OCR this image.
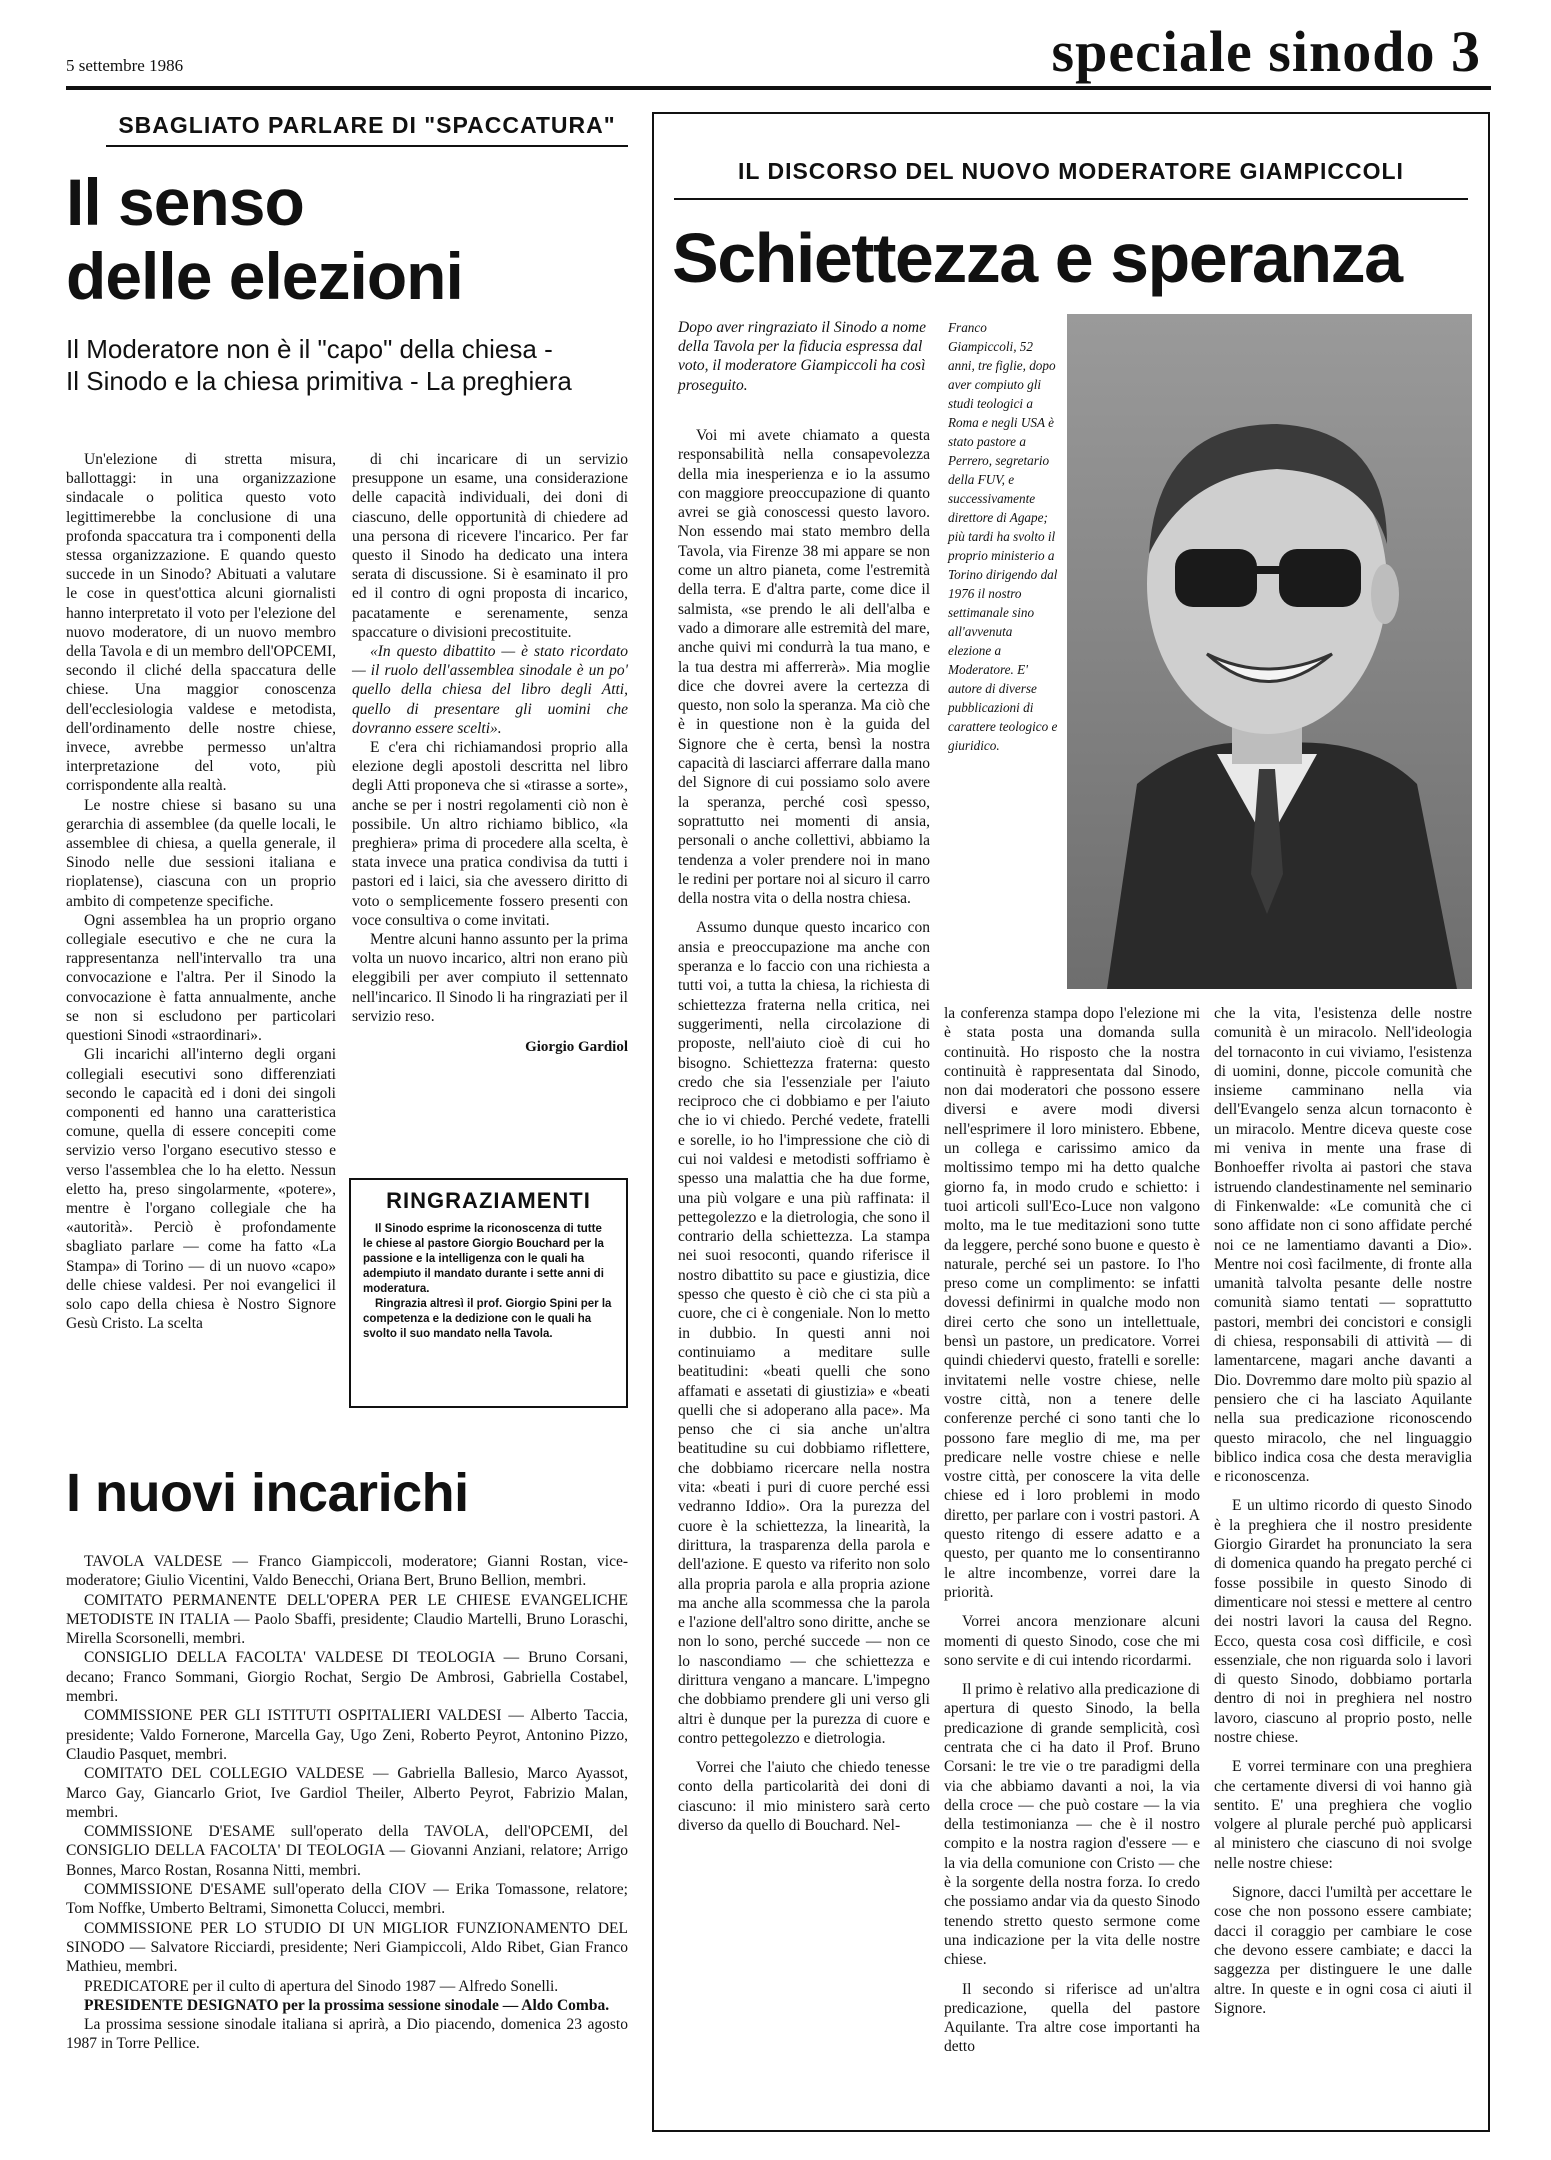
5 settembre 1986	speciale sinodo 3
SBAGLIATO PARLARE DI "SPACCATURA"
Il senso
delle elezioni
Il Moderatore non è il "capo" della chiesa -
Il Sinodo e la chiesa primitiva - La preghiera

Un'elezione di stretta misura, ballottaggi: in una organizzazione sindacale o politica questo voto legittimerebbe la conclusione di una profonda spaccatura tra i componenti della stessa organizzazione. E quando questo succede in un Sinodo? Abituati a valutare le cose in quest'ottica alcuni giornalisti hanno interpretato il voto per l'elezione del nuovo moderatore, di un nuovo membro della Tavola e di un membro dell'OPCEMI, secondo il cliché della spaccatura delle chiese. Una maggior conoscenza dell'ecclesiologia valdese e metodista, dell'ordinamento delle nostre chiese, invece, avrebbe permesso un'altra interpretazione del voto, più corrispondente alla realtà.

Le nostre chiese si basano su una gerarchia di assemblee (da quelle locali, le assemblee di chiesa, a quella generale, il Sinodo nelle due sessioni italiana e rioplatense), ciascuna con un proprio ambito di competenze specifiche.

Ogni assemblea ha un proprio organo collegiale esecutivo e che ne cura la rappresentanza nell'intervallo tra una convocazione e l'altra. Per il Sinodo la convocazione è fatta annualmente, anche se non si escludono per particolari questioni Sinodi «straordinari».

Gli incarichi all'interno degli organi collegiali esecutivi sono differenziati secondo le capacità ed i doni dei singoli componenti ed hanno una caratteristica comune, quella di essere concepiti come servizio verso l'organo esecutivo stesso e verso l'assemblea che lo ha eletto. Nessun eletto ha, preso singolarmente, «potere», mentre è l'organo collegiale che ha «autorità». Perciò è profondamente sbagliato parlare — come ha fatto «La Stampa» di Torino — di un nuovo «capo» delle chiese valdesi. Per noi evangelici il solo capo della chiesa è Nostro Signore Gesù Cristo. La scelta

di chi incaricare di un servizio presuppone un esame, una considerazione delle capacità individuali, dei doni di ciascuno, delle opportunità di chiedere ad una persona di ricevere l'incarico. Per far questo il Sinodo ha dedicato una intera serata di discussione. Si è esaminato il pro ed il contro di ogni proposta di incarico, pacatamente e serenamente, senza spaccature o divisioni precostituite.

«In questo dibattito — è stato ricordato — il ruolo dell'assemblea sinodale è un po' quello della chiesa del libro degli Atti, quello di presentare gli uomini che dovranno essere scelti».

E c'era chi richiamandosi proprio alla elezione degli apostoli descritta nel libro degli Atti proponeva che si «tirasse a sorte», anche se per i nostri regolamenti ciò non è possibile. Un altro richiamo biblico, «la preghiera» prima di procedere alla scelta, è stata invece una pratica condivisa da tutti i pastori ed i laici, sia che avessero diritto di voto o semplicemente fossero presenti con voce consultiva o come invitati.

Mentre alcuni hanno assunto per la prima volta un nuovo incarico, altri non erano più eleggibili per aver compiuto il settennato nell'incarico. Il Sinodo li ha ringraziati per il servizio reso.

Giorgio Gardiol
RINGRAZIAMENTI

Il Sinodo esprime la riconoscenza di tutte le chiese al pastore Giorgio Bouchard per la passione e la intelligenza con le quali ha adempiuto il mandato durante i sette anni di moderatura.

Ringrazia altresì il prof. Giorgio Spini per la competenza e la dedizione con le quali ha svolto il suo mandato nella Tavola.

I nuovi incarichi

TAVOLA VALDESE — Franco Giampiccoli, moderatore; Gianni Rostan, vice-moderatore; Giulio Vicentini, Valdo Benecchi, Oriana Bert, Bruno Bellion, membri.

COMITATO PERMANENTE DELL'OPERA PER LE CHIESE EVANGELICHE METODISTE IN ITALIA — Paolo Sbaffi, presidente; Claudio Martelli, Bruno Loraschi, Mirella Scorsonelli, membri.

CONSIGLIO DELLA FACOLTA' VALDESE DI TEOLOGIA — Bruno Corsani, decano; Franco Sommani, Giorgio Rochat, Sergio De Ambrosi, Gabriella Costabel, membri.

COMMISSIONE PER GLI ISTITUTI OSPITALIERI VALDESI — Alberto Taccia, presidente; Valdo Fornerone, Marcella Gay, Ugo Zeni, Roberto Peyrot, Antonino Pizzo, Claudio Pasquet, membri.

COMITATO DEL COLLEGIO VALDESE — Gabriella Ballesio, Marco Ayassot, Marco Gay, Giancarlo Griot, Ive Gardiol Theiler, Alberto Peyrot, Fabrizio Malan, membri.

COMMISSIONE D'ESAME sull'operato della TAVOLA, dell'OPCEMI, del CONSIGLIO DELLA FACOLTA' DI TEOLOGIA — Giovanni Anziani, relatore; Arrigo Bonnes, Marco Rostan, Rosanna Nitti, membri.

COMMISSIONE D'ESAME sull'operato della CIOV — Erika Tomassone, relatore; Tom Noffke, Umberto Beltrami, Simonetta Colucci, membri.

COMMISSIONE PER LO STUDIO DI UN MIGLIOR FUNZIONAMENTO DEL SINODO — Salvatore Ricciardi, presidente; Neri Giampiccoli, Aldo Ribet, Gian Franco Mathieu, membri.

PREDICATORE per il culto di apertura del Sinodo 1987 — Alfredo Sonelli.

PRESIDENTE DESIGNATO per la prossima sessione sinodale — Aldo Comba.

La prossima sessione sinodale italiana si aprirà, a Dio piacendo, domenica 23 agosto 1987 in Torre Pellice.

IL DISCORSO DEL NUOVO MODERATORE GIAMPICCOLI
Schiettezza e speranza
Dopo aver ringraziato il Sinodo a nome della Tavola per la fiducia espressa dal voto, il moderatore Giampiccoli ha così proseguito.
Franco Giampiccoli, 52 anni, tre figlie, dopo aver compiuto gli studi teologici a Roma e negli USA è stato pastore a Perrero, segretario della FUV, e successivamente direttore di Agape; più tardi ha svolto il proprio ministerio a Torino dirigendo dal 1976 il nostro settimanale sino all'avvenuta elezione a Moderatore. E' autore di diverse pubblicazioni di carattere teologico e giuridico.

Voi mi avete chiamato a questa responsabilità nella consapevolezza della mia inesperienza e io la assumo con maggiore preoccupazione di quanto avrei se già conoscessi questo lavoro. Non essendo mai stato membro della Tavola, via Firenze 38 mi appare se non come un altro pianeta, come l'estremità della terra. E d'altra parte, come dice il salmista, «se prendo le ali dell'alba e vado a dimorare alle estremità del mare, anche quivi mi condurrà la tua mano, e la tua destra mi afferrerà». Mia moglie dice che dovrei avere la certezza di questo, non solo la speranza. Ma ciò che è in questione non è la guida del Signore che è certa, bensì la nostra capacità di lasciarci afferrare dalla mano del Signore di cui possiamo solo avere la speranza, perché così spesso, soprattutto nei momenti di ansia, personali o anche collettivi, abbiamo la tendenza a voler prendere noi in mano le redini per portare noi al sicuro il carro della nostra vita o della nostra chiesa.

Assumo dunque questo incarico con ansia e preoccupazione ma anche con speranza e lo faccio con una richiesta a tutti voi, a tutta la chiesa, la richiesta di schiettezza fraterna nella critica, nei suggerimenti, nella circolazione di proposte, nell'aiuto cioè di cui ho bisogno. Schiettezza fraterna: questo credo che sia l'essenziale per l'aiuto reciproco che ci dobbiamo e per l'aiuto che io vi chiedo. Perché vedete, fratelli e sorelle, io ho l'impressione che ciò di cui noi valdesi e metodisti soffriamo è spesso una malattia che ha due forme, una più volgare e una più raffinata: il pettegolezzo e la dietrologia, che sono il contrario della schiettezza. La stampa nei suoi resoconti, quando riferisce il nostro dibattito su pace e giustizia, dice spesso che questo è ciò che ci sta più a cuore, che ci è congeniale. Non lo metto in dubbio. In questi anni noi continuiamo a meditare sulle beatitudini: «beati quelli che sono affamati e assetati di giustizia» e «beati quelli che si adoperano alla pace». Ma penso che ci sia anche un'altra beatitudine su cui dobbiamo riflettere, che dobbiamo ricercare nella nostra vita: «beati i puri di cuore perché essi vedranno Iddio». Ora la purezza del cuore è la schiettezza, la linearità, la dirittura, la trasparenza della parola e dell'azione. E questo va riferito non solo alla propria parola e alla propria azione ma anche alla scommessa che la parola e l'azione dell'altro sono diritte, anche se non lo sono, perché succede — non ce lo nascondiamo — che schiettezza e dirittura vengano a mancare. L'impegno che dobbiamo prendere gli uni verso gli altri è dunque per la purezza di cuore e contro pettegolezzo e dietrologia.

Vorrei che l'aiuto che chiedo tenesse conto della particolarità dei doni di ciascuno: il mio ministero sarà certo diverso da quello di Bouchard. Nel-

la conferenza stampa dopo l'elezione mi è stata posta una domanda sulla continuità. Ho risposto che la nostra continuità è rappresentata dal Sinodo, non dai moderatori che possono essere diversi e avere modi diversi nell'esprimere il loro ministero. Ebbene, un collega e carissimo amico da moltissimo tempo mi ha detto qualche giorno fa, in modo crudo e schietto: i tuoi articoli sull'Eco-Luce non valgono molto, ma le tue meditazioni sono tutte da leggere, perché sono buone e questo è naturale, perché sei un pastore. Io l'ho preso come un complimento: se infatti dovessi definirmi in qualche modo non direi certo che sono un intellettuale, bensì un pastore, un predicatore. Vorrei quindi chiedervi questo, fratelli e sorelle: invitatemi nelle vostre chiese, nelle vostre città, non a tenere delle conferenze perché ci sono tanti che lo possono fare meglio di me, ma per predicare nelle vostre chiese e nelle vostre città, per conoscere la vita delle chiese ed i loro problemi in modo diretto, per parlare con i vostri pastori. A questo ritengo di essere adatto e a questo, per quanto me lo consentiranno le altre incombenze, vorrei dare la priorità.

Vorrei ancora menzionare alcuni momenti di questo Sinodo, cose che mi sono servite e di cui intendo ricordarmi.

Il primo è relativo alla predicazione di apertura di questo Sinodo, la bella predicazione di grande semplicità, così centrata che ci ha dato il Prof. Bruno Corsani: le tre vie o tre paradigmi della via che abbiamo davanti a noi, la via della croce — che può costare — la via della testimonianza — che è il nostro compito e la nostra ragion d'essere — e la via della comunione con Cristo — che è la sorgente della nostra forza. Io credo che possiamo andar via da questo Sinodo tenendo stretto questo sermone come una indicazione per la vita delle nostre chiese.

Il secondo si riferisce ad un'altra predicazione, quella del pastore Aquilante. Tra altre cose importanti ha detto

che la vita, l'esistenza delle nostre comunità è un miracolo. Nell'ideologia del tornaconto in cui viviamo, l'esistenza di uomini, donne, piccole comunità che insieme camminano nella via dell'Evangelo senza alcun tornaconto è un miracolo. Mentre diceva queste cose mi veniva in mente una frase di Bonhoeffer rivolta ai pastori che stava istruendo clandestinamente nel seminario di Finkenwalde: «Le comunità che ci sono affidate non ci sono affidate perché noi ce ne lamentiamo davanti a Dio». Mentre noi così facilmente, di fronte alla umanità talvolta pesante delle nostre comunità siamo tentati — soprattutto pastori, membri dei concistori e consigli di chiesa, responsabili di attività — di lamentarcene, magari anche davanti a Dio. Dovremmo dare molto più spazio al pensiero che ci ha lasciato Aquilante nella sua predicazione riconoscendo questo miracolo, che nel linguaggio biblico indica cosa che desta meraviglia e riconoscenza.

E un ultimo ricordo di questo Sinodo è la preghiera che il nostro presidente Giorgio Girardet ha pronunciato la sera di domenica quando ha pregato perché ci fosse possibile in questo Sinodo di dimenticare noi stessi e mettere al centro dei nostri lavori la causa del Regno. Ecco, questa cosa così difficile, e così essenziale, che non riguarda solo i lavori di questo Sinodo, dobbiamo portarla dentro di noi in preghiera nel nostro lavoro, ciascuno al proprio posto, nelle nostre chiese.

E vorrei terminare con una preghiera che certamente diversi di voi hanno già sentito. E' una preghiera che voglio volgere al plurale perché può applicarsi al ministero che ciascuno di noi svolge nelle nostre chiese:

Signore, dacci l'umiltà per accettare le cose che non possono essere cambiate; dacci il coraggio per cambiare le cose che devono essere cambiate; e dacci la saggezza per distinguere le une dalle altre. In queste e in ogni cosa ci aiuti il Signore.
